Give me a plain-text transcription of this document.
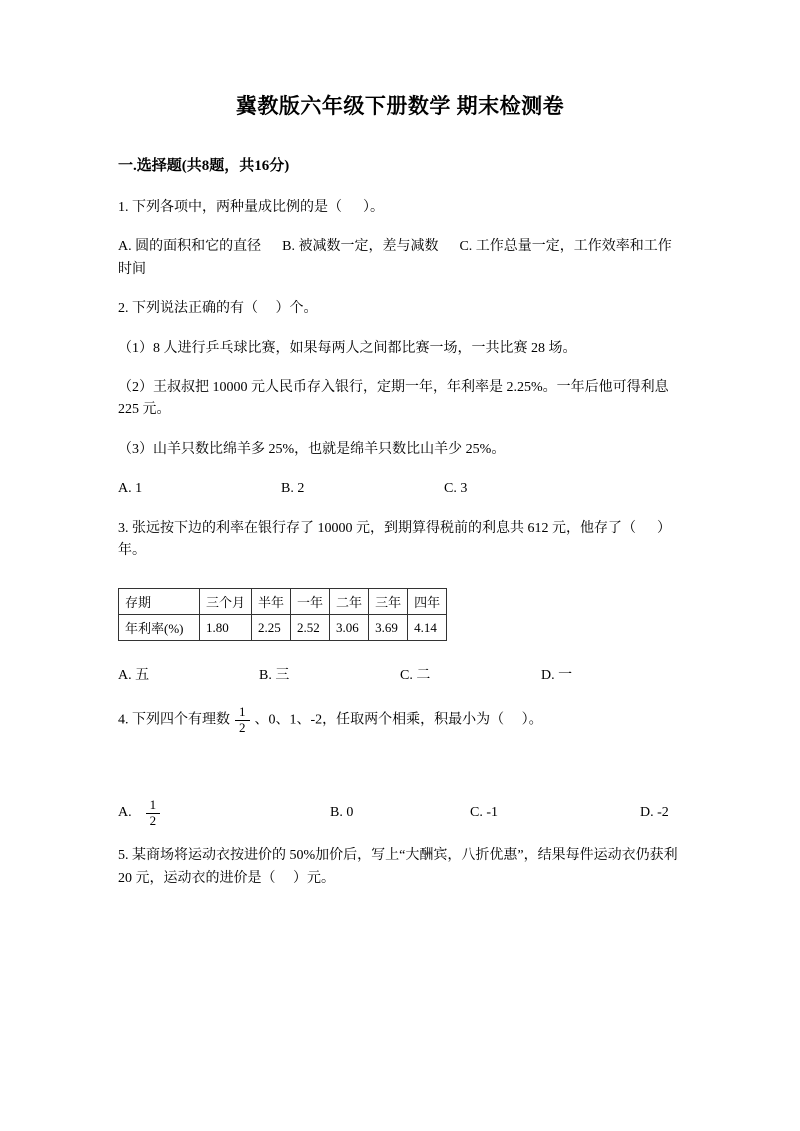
冀教版六年级下册数学 期末检测卷
一.选择题(共8题，共16分)

1. 下列各项中，两种量成比例的是（      ）。

A. 圆的面积和它的直径      B. 被减数一定，差与减数      C. 工作总量一定，工作效率和工作时间

2. 下列说法正确的有（     ）个。

（1）8 人进行乒乓球比赛，如果每两人之间都比赛一场，一共比赛 28 场。

（2）王叔叔把 10000 元人民币存入银行，定期一年，年利率是 2.25%。一年后他可得利息 225 元。

（3）山羊只数比绵羊多 25%，也就是绵羊只数比山羊少 25%。

A. 1	B. 2	C. 3

3. 张远按下边的利率在银行存了 10000 元，到期算得税前的利息共 612 元，他存了（      ）年。

存期	三个月	半年	一年	二年	三年	四年
年利率(%)	1.80	2.25	2.52	3.06	3.69	4.14
A. 五	B. 三	C. 二	D. 一

4. 下列四个有理数 $\frac{1}{2}$ 、0、1、-2，任取两个相乘，积最小为（     ）。

A. $\frac{1}{2}$	B. 0	C. -1	D. -2

5. 某商场将运动衣按进价的 50%加价后，写上“大酬宾，八折优惠”，结果每件运动衣仍获利 20 元，运动衣的进价是（     ）元。
